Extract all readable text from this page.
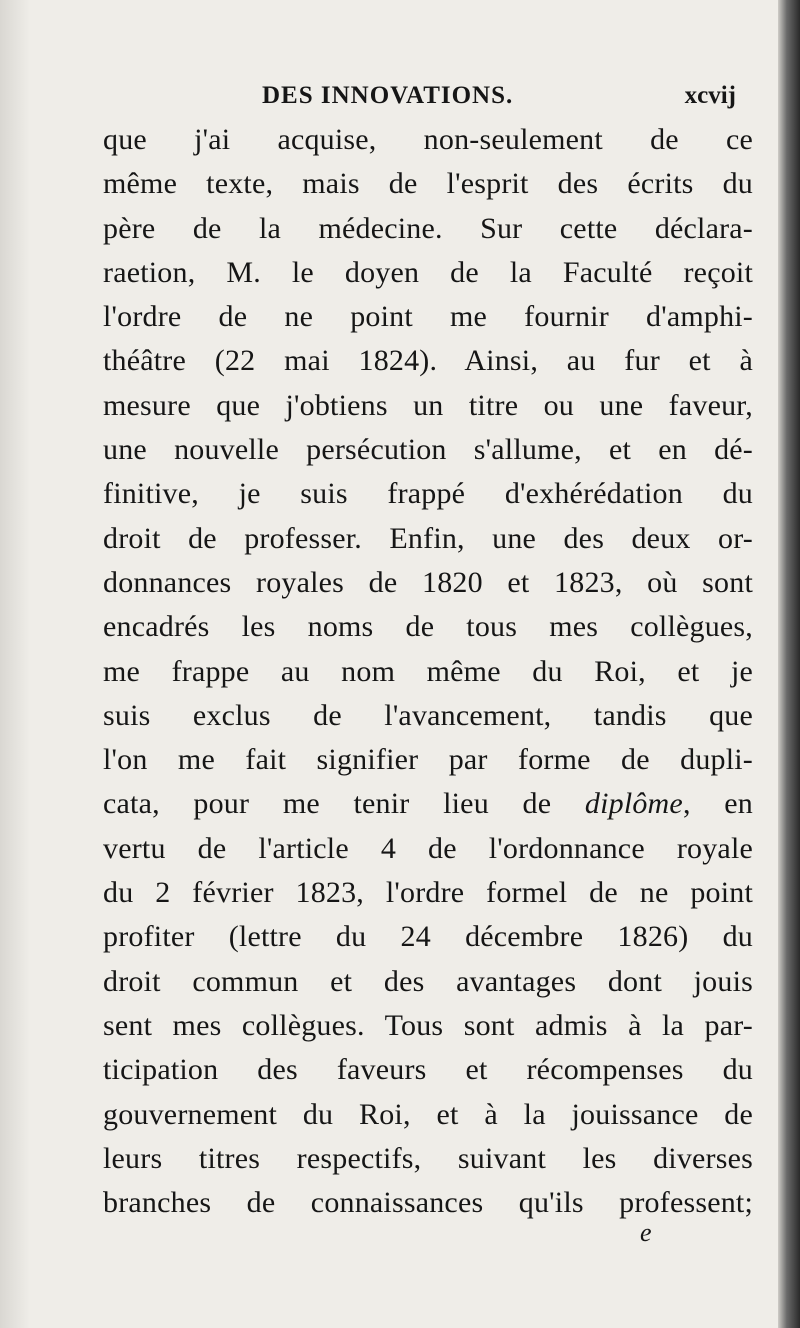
DES INNOVATIONS.	xcvij
que j'ai acquise, non-seulement de ce
même texte, mais de l'esprit des écrits du
père de la médecine. Sur cette déclara-
raetion, M. le doyen de la Faculté reçoit
l'ordre de ne point me fournir d'amphi-
théâtre (22 mai 1824). Ainsi, au fur et à
mesure que j'obtiens un titre ou une faveur,
une nouvelle persécution s'allume, et en dé-
finitive, je suis frappé d'exhérédation du
droit de professer. Enfin, une des deux or-
donnances royales de 1820 et 1823, où sont
encadrés les noms de tous mes collègues,
me frappe au nom même du Roi, et je
suis exclus de l'avancement, tandis que
l'on me fait signifier par forme de dupli-
cata, pour me tenir lieu de diplôme, en
vertu de l'article 4 de l'ordonnance royale
du 2 février 1823, l'ordre formel de ne point
profiter (lettre du 24 décembre 1826) du
droit commun et des avantages dont jouis
sent mes collègues. Tous sont admis à la par-
ticipation des faveurs et récompenses du
gouvernement du Roi, et à la jouissance de
leurs titres respectifs, suivant les diverses
branches de connaissances qu'ils professent;
e
